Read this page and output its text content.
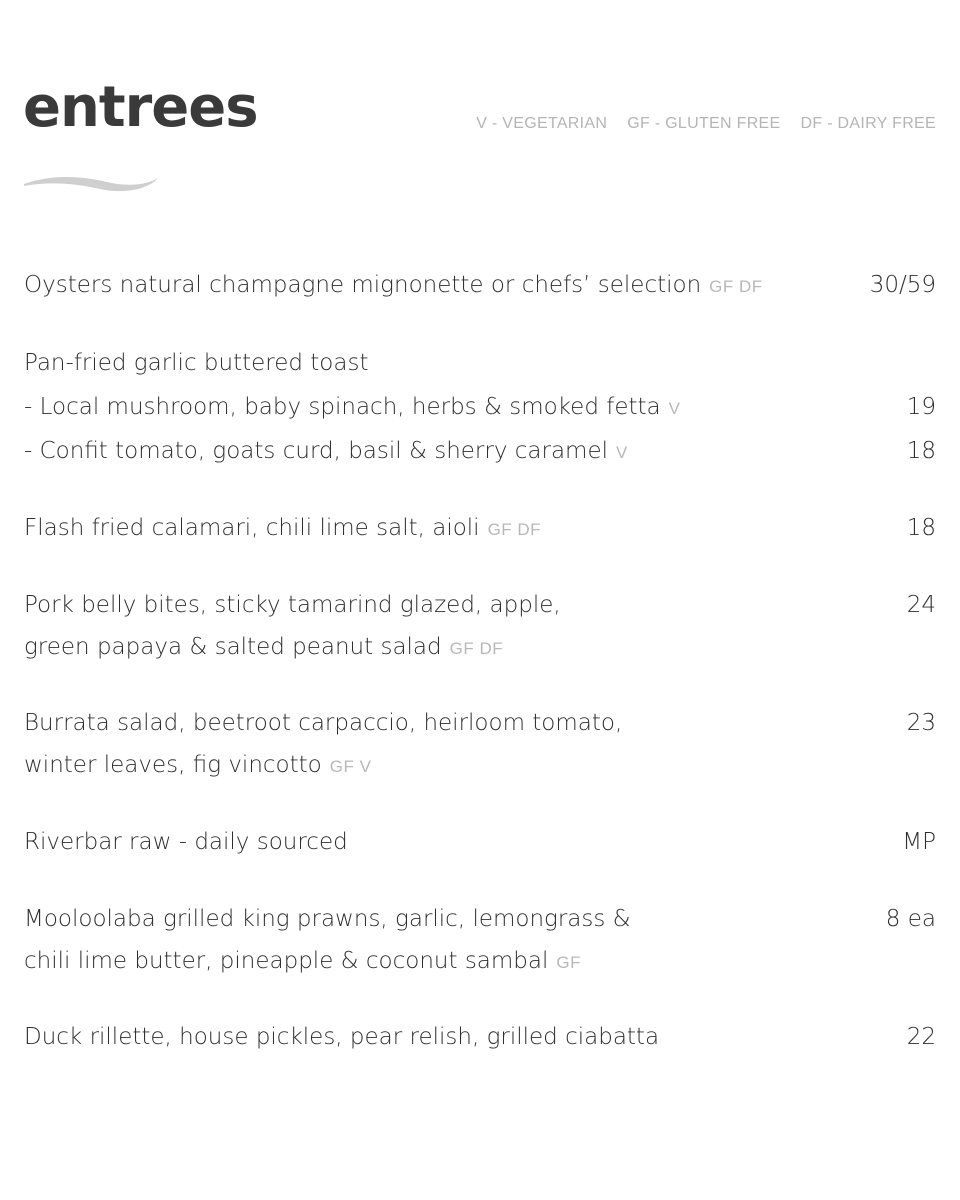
entrees	V - VEGETARIAN GF - GLUTEN FREE DF - DAIRY FREE
Oysters natural champagne mignonette or chefs’ selection GF DF	30/59
Pan-fried garlic buttered toast
- Local mushroom, baby spinach, herbs & smoked fetta V	19
- Confit tomato, goats curd, basil & sherry caramel V	18
Flash fried calamari, chili lime salt, aioli GF DF	18
Pork belly bites, sticky tamarind glazed, apple,	24
green papaya & salted peanut salad GF DF
Burrata salad, beetroot carpaccio, heirloom tomato,	23
winter leaves, fig vincotto GF V
Riverbar raw - daily sourced	MP
Mooloolaba grilled king prawns, garlic, lemongrass &	8 ea
chili lime butter, pineapple & coconut sambal GF
Duck rillette, house pickles, pear relish, grilled ciabatta	22
